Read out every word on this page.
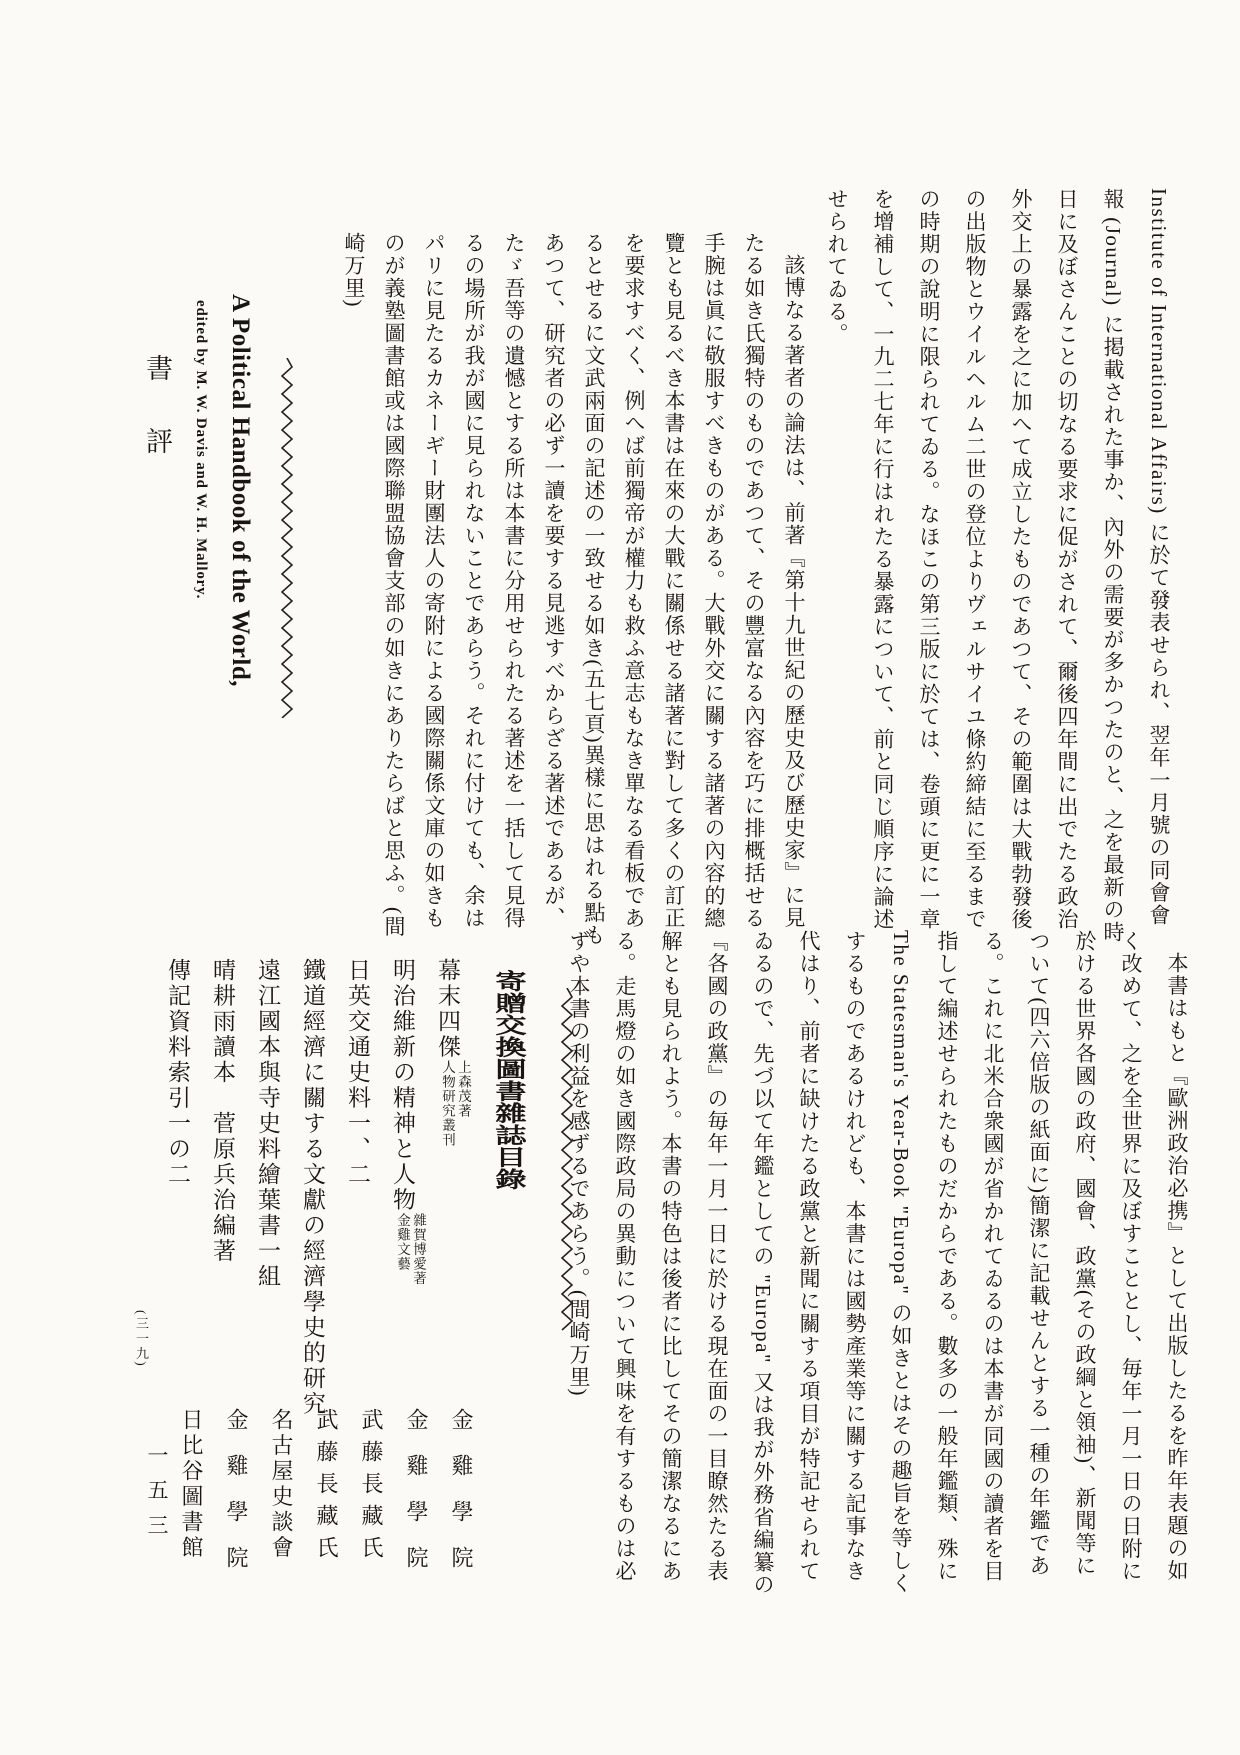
Institute of International Affairs) に於て發表せられ、翌年一月號の同會會報 (Journal) に掲載された事か、內外の需要が多かつたのと、之を最新の時日に及ぼさんことの切なる要求に促がされて、爾後四年間に出でたる政治外交上の暴露を之に加へて成立したものであつて、その範圍は大戰勃發後の出版物とウイルヘルム二世の登位よりヴェルサイユ條約締結に至るまでの時期の說明に限られてゐる。なほこの第三版に於ては、卷頭に更に一章を增補して、一九二七年に行はれたる暴露について、前と同じ順序に論述せられてゐる。

該博なる著者の論法は、前著『第十九世紀の歷史及び歷史家』に見たる如き氏獨特のものであつて、その豐富なる內容を巧に排概括せる手腕は眞に敬服すべきものがある。大戰外交に關する諸著の內容的總覽とも見るべき本書は在來の大戰に關係せる諸著に對して多くの訂正を要求すべく、例へば前獨帝が權力も救ふ意志もなき單なる看板であるとせるに文武兩面の記述の一致せる如き(五七頁)異樣に思はれる點もあつて、研究者の必ず一讀を要する見逃すべからざる著述であるが、たゞ吾等の遺憾とする所は本書に分用せられたる著述を一括して見得るの場所が我が國に見られないことであらう。それに付けても、余はパリに見たるカネーギー財團法人の寄附による國際關係文庫の如きものが義塾圖書館或は國際聯盟協會支部の如きにありたらばと思ふ。(間崎万里)

A Political Handbook of the World,
edited by M. W. Davis and W. H. Mallory.
書評

本書はもと『歐洲政治必携』として出版したるを昨年表題の如く改めて、之を全世界に及ぼすこととし、毎年一月一日の日附に於ける世界各國の政府、國會、政黨(その政綱と領袖)、新聞等について(四六倍版の紙面に)簡潔に記載せんとする一種の年鑑である。これに北米合衆國が省かれてゐるのは本書が同國の讀者を目指して編述せられたものだからである。數多の一般年鑑類、殊に The Statesman's Year-Book "Europa" の如きとはその趣旨を等しくするものであるけれども、本書には國勢產業等に關する記事なき代はり、前者に缺けたる政黨と新聞に關する項目が特記せられてゐるので、先づ以て年鑑としての "Europa" 又は我が外務省編纂の『各國の政黨』の毎年一月一日に於ける現在面の一目瞭然たる表解とも見られよう。本書の特色は後者に比してその簡潔なるにある。走馬燈の如き國際政局の異動について興味を有するものは必ずや本書の利益を感ずるであらう。(間崎万里)

寄贈交換圖書雜誌目錄
幕末四傑
上森茂著
人物研究叢刊
明治維新の精神と人物
雜賀博愛著
金雞文藝
日英交通史料一、二
鐵道經濟に關する文獻の經濟學史的研究
遠江國本與寺史料繪葉書一組
晴耕雨讀本　菅原兵治編著
傳記資料索引一の二
金雞學院
金雞學院
武藤長藏氏
武藤長藏氏
名古屋史談會
金雞學院
日比谷圖書館
(三一九)
一五三
